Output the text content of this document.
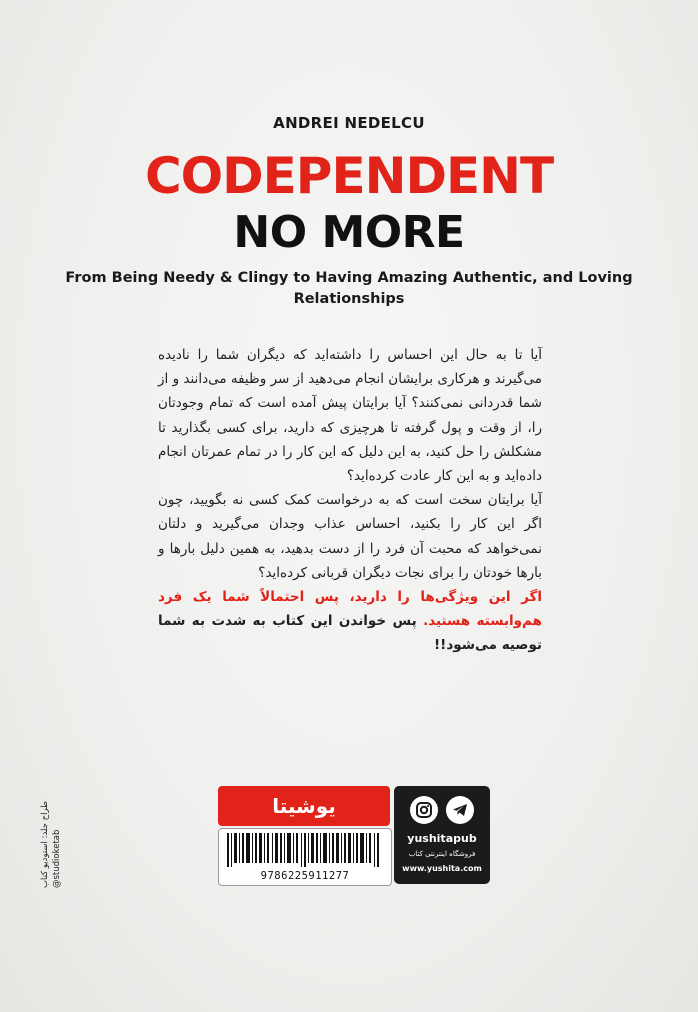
ANDREI NEDELCU
CODEPENDENT
NO MORE
From Being Needy & Clingy to Having Amazing Authentic, and Loving Relationships

آیا تا به حال این احساس را داشته‌اید که دیگران شما را نادیده می‌گیرند و هرکاری برایشان انجام می‌دهید از سر وظیفه می‌دانند و از شما قدردانی نمی‌کنند؟ آیا برایتان پیش آمده است که تمام وجودتان را، از وقت و پول گرفته تا هرچیزی که دارید، برای کسی بگذارید تا مشکلش را حل کنید، به این دلیل که این کار را در تمام عمرتان انجام داده‌اید و به این کار عادت کرده‌اید؟

آیا برایتان سخت است که به درخواست کمک کسی نه بگویید، چون اگر این کار را بکنید، احساس عذاب وجدان می‌گیرید و دلتان نمی‌خواهد که محبت آن فرد را از دست بدهید، به همین دلیل بارها و بارها خودتان را برای نجات دیگران قربانی کرده‌اید؟

اگر این ویژگی‌ها را دارید، پس احتمالاً شما یک فرد هم‌وابسته هستید. پس خواندن این کتاب به شدت به شما توصیه می‌شود!!

یوشیتا
9786225911277
yushitapub
فروشگاه اینترنتی کتاب
www.yushita.com
طراح جلد: استودیو کتاب @studioketab
